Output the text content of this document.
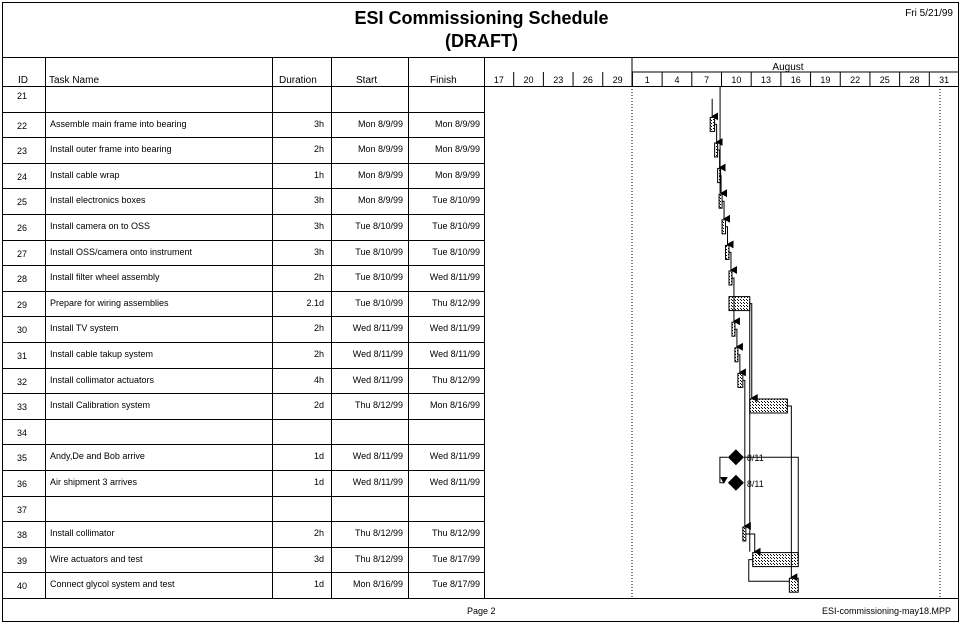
ESI Commissioning Schedule
(DRAFT)
Fri 5/21/99
ID Task Name	Duration	Start	Finish
August
17 20 23 26 29 1	4	7 10 13 16 19 22 25 28 31
8/11
8/11
Page 2	ESI-commissioning-may18.MPP
21
22	Assemble main frame into bearing	3h	Mon 8/9/99	Mon 8/9/99
23	Install outer frame into bearing	2h	Mon 8/9/99	Mon 8/9/99
24	Install cable wrap	1h	Mon 8/9/99	Mon 8/9/99
25	Install electronics boxes	3h	Mon 8/9/99	Tue 8/10/99
26	Install camera on to OSS	3h	Tue 8/10/99	Tue 8/10/99
27	Install OSS/camera onto instrument	3h	Tue 8/10/99	Tue 8/10/99
28	Install filter wheel assembly	2h	Tue 8/10/99	Wed 8/11/99
29	Prepare for wiring assemblies	2.1d	Tue 8/10/99	Thu 8/12/99
30	Install TV system	2h	Wed 8/11/99	Wed 8/11/99
31	Install cable takup system	2h	Wed 8/11/99	Wed 8/11/99
32	Install collimator actuators	4h	Wed 8/11/99	Thu 8/12/99
33	Install Calibration system	2d	Thu 8/12/99	Mon 8/16/99
34
35	Andy,De and Bob arrive	1d	Wed 8/11/99	Wed 8/11/99
36	Air shipment 3 arrives	1d	Wed 8/11/99	Wed 8/11/99
37
38	Install collimator	2h	Thu 8/12/99	Thu 8/12/99
39	Wire actuators and test	3d	Thu 8/12/99	Tue 8/17/99
40	Connect glycol system and test	1d	Mon 8/16/99	Tue 8/17/99
